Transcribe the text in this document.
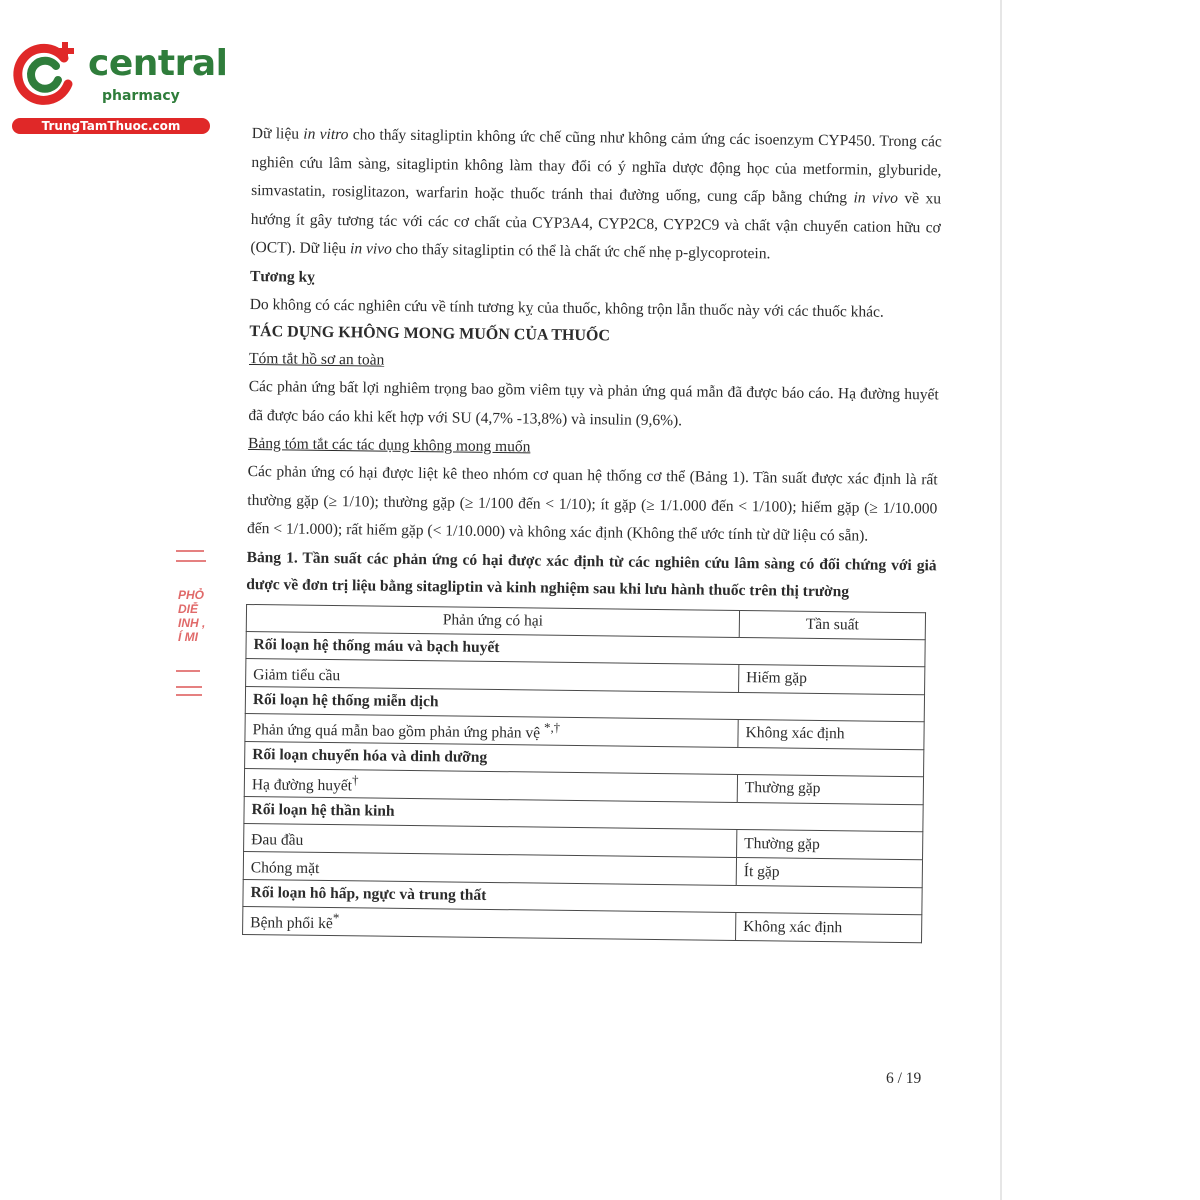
central
pharmacy
TrungTamThuoc.com
PHỎ
DIỄ
INH ,
Í MI

Dữ liệu in vitro cho thấy sitagliptin không ức chế cũng như không cảm ứng các isoenzym CYP450. Trong các nghiên cứu lâm sàng, sitagliptin không làm thay đổi có ý nghĩa dược động học của metformin, glyburide, simvastatin, rosiglitazon, warfarin hoặc thuốc tránh thai đường uống, cung cấp bằng chứng in vivo về xu hướng ít gây tương tác với các cơ chất của CYP3A4, CYP2C8, CYP2C9 và chất vận chuyển cation hữu cơ (OCT). Dữ liệu in vivo cho thấy sitagliptin có thể là chất ức chế nhẹ p-glycoprotein.

Tương kỵ

Do không có các nghiên cứu về tính tương kỵ của thuốc, không trộn lẫn thuốc này với các thuốc khác.

TÁC DỤNG KHÔNG MONG MUỐN CỦA THUỐC

Tóm tắt hồ sơ an toàn

Các phản ứng bất lợi nghiêm trọng bao gồm viêm tụy và phản ứng quá mẫn đã được báo cáo. Hạ đường huyết đã được báo cáo khi kết hợp với SU (4,7% -13,8%) và insulin (9,6%).

Bảng tóm tắt các tác dụng không mong muốn

Các phản ứng có hại được liệt kê theo nhóm cơ quan hệ thống cơ thể (Bảng 1). Tần suất được xác định là rất thường gặp (≥ 1/10); thường gặp (≥ 1/100 đến < 1/10); ít gặp (≥ 1/1.000 đến < 1/100); hiếm gặp (≥ 1/10.000 đến < 1/1.000); rất hiếm gặp (< 1/10.000) và không xác định (Không thể ước tính từ dữ liệu có sẵn).

Bảng 1. Tần suất các phản ứng có hại được xác định từ các nghiên cứu lâm sàng có đối chứng với giả dược về đơn trị liệu bằng sitagliptin và kinh nghiệm sau khi lưu hành thuốc trên thị trường

Phản ứng có hại	Tần suất
Rối loạn hệ thống máu và bạch huyết	
Giảm tiểu cầu	Hiếm gặp
Rối loạn hệ thống miễn dịch	
Phản ứng quá mẫn bao gồm phản ứng phản vệ *,†	Không xác định
Rối loạn chuyển hóa và dinh dưỡng	
Hạ đường huyết†	Thường gặp
Rối loạn hệ thần kinh	
Đau đầu	Thường gặp
Chóng mặt	Ít gặp
Rối loạn hô hấp, ngực và trung thất	
Bệnh phổi kẽ*	Không xác định
6 / 19
